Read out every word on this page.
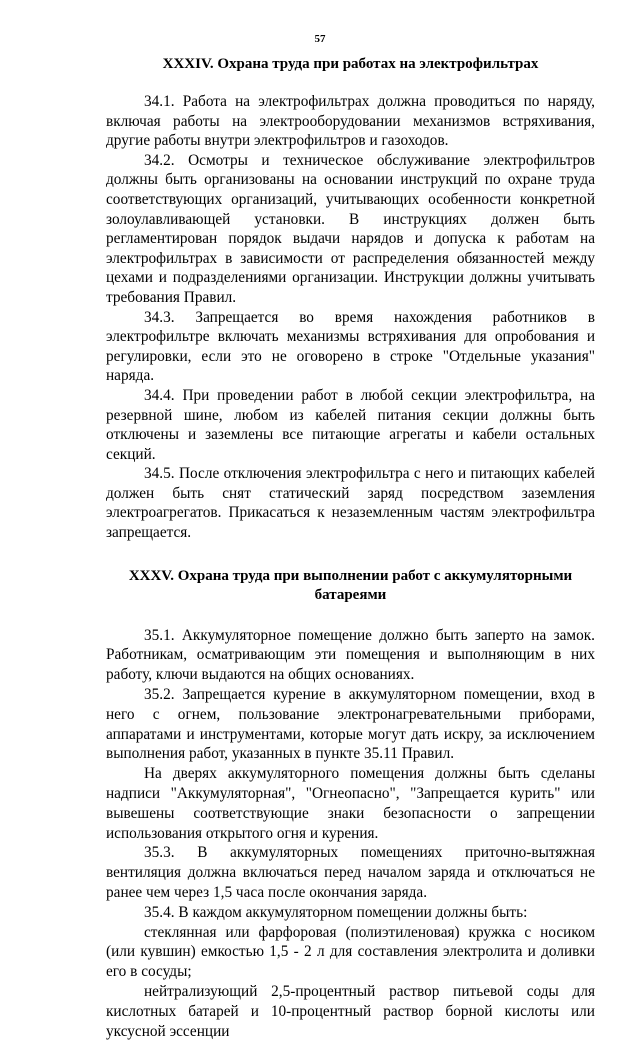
57
XXXIV. Охрана труда при работах на электрофильтрах

34.1. Работа на электрофильтрах должна проводиться по наряду, включая работы на электрооборудовании механизмов встряхивания, другие работы внутри электрофильтров и газоходов.

34.2. Осмотры и техническое обслуживание электрофильтров должны быть организованы на основании инструкций по охране труда соответствующих организаций, учитывающих особенности конкретной золоулавливающей установки. В инструкциях должен быть регламентирован порядок выдачи нарядов и допуска к работам на электрофильтрах в зависимости от распределения обязанностей между цехами и подразделениями организации. Инструкции должны учитывать требования Правил.

34.3. Запрещается во время нахождения работников в электрофильтре включать механизмы встряхивания для опробования и регулировки, если это не оговорено в строке "Отдельные указания" наряда.

34.4. При проведении работ в любой секции электрофильтра, на резервной шине, любом из кабелей питания секции должны быть отключены и заземлены все питающие агрегаты и кабели остальных секций.

34.5. После отключения электрофильтра с него и питающих кабелей должен быть снят статический заряд посредством заземления электроагрегатов. Прикасаться к незаземленным частям электрофильтра запрещается.

XXXV. Охрана труда при выполнении работ с аккумуляторными батареями

35.1. Аккумуляторное помещение должно быть заперто на замок. Работникам, осматривающим эти помещения и выполняющим в них работу, ключи выдаются на общих основаниях.

35.2. Запрещается курение в аккумуляторном помещении, вход в него с огнем, пользование электронагревательными приборами, аппаратами и инструментами, которые могут дать искру, за исключением выполнения работ, указанных в пункте 35.11 Правил.

На дверях аккумуляторного помещения должны быть сделаны надписи "Аккумуляторная", "Огнеопасно", "Запрещается курить" или вывешены соответствующие знаки безопасности о запрещении использования открытого огня и курения.

35.3. В аккумуляторных помещениях приточно-вытяжная вентиляция должна включаться перед началом заряда и отключаться не ранее чем через 1,5 часа после окончания заряда.

35.4. В каждом аккумуляторном помещении должны быть:

стеклянная или фарфоровая (полиэтиленовая) кружка с носиком (или кувшин) емкостью 1,5 - 2 л для составления электролита и доливки его в сосуды;

нейтрализующий 2,5-процентный раствор питьевой соды для кислотных батарей и 10-процентный раствор борной кислоты или уксусной эссенции
